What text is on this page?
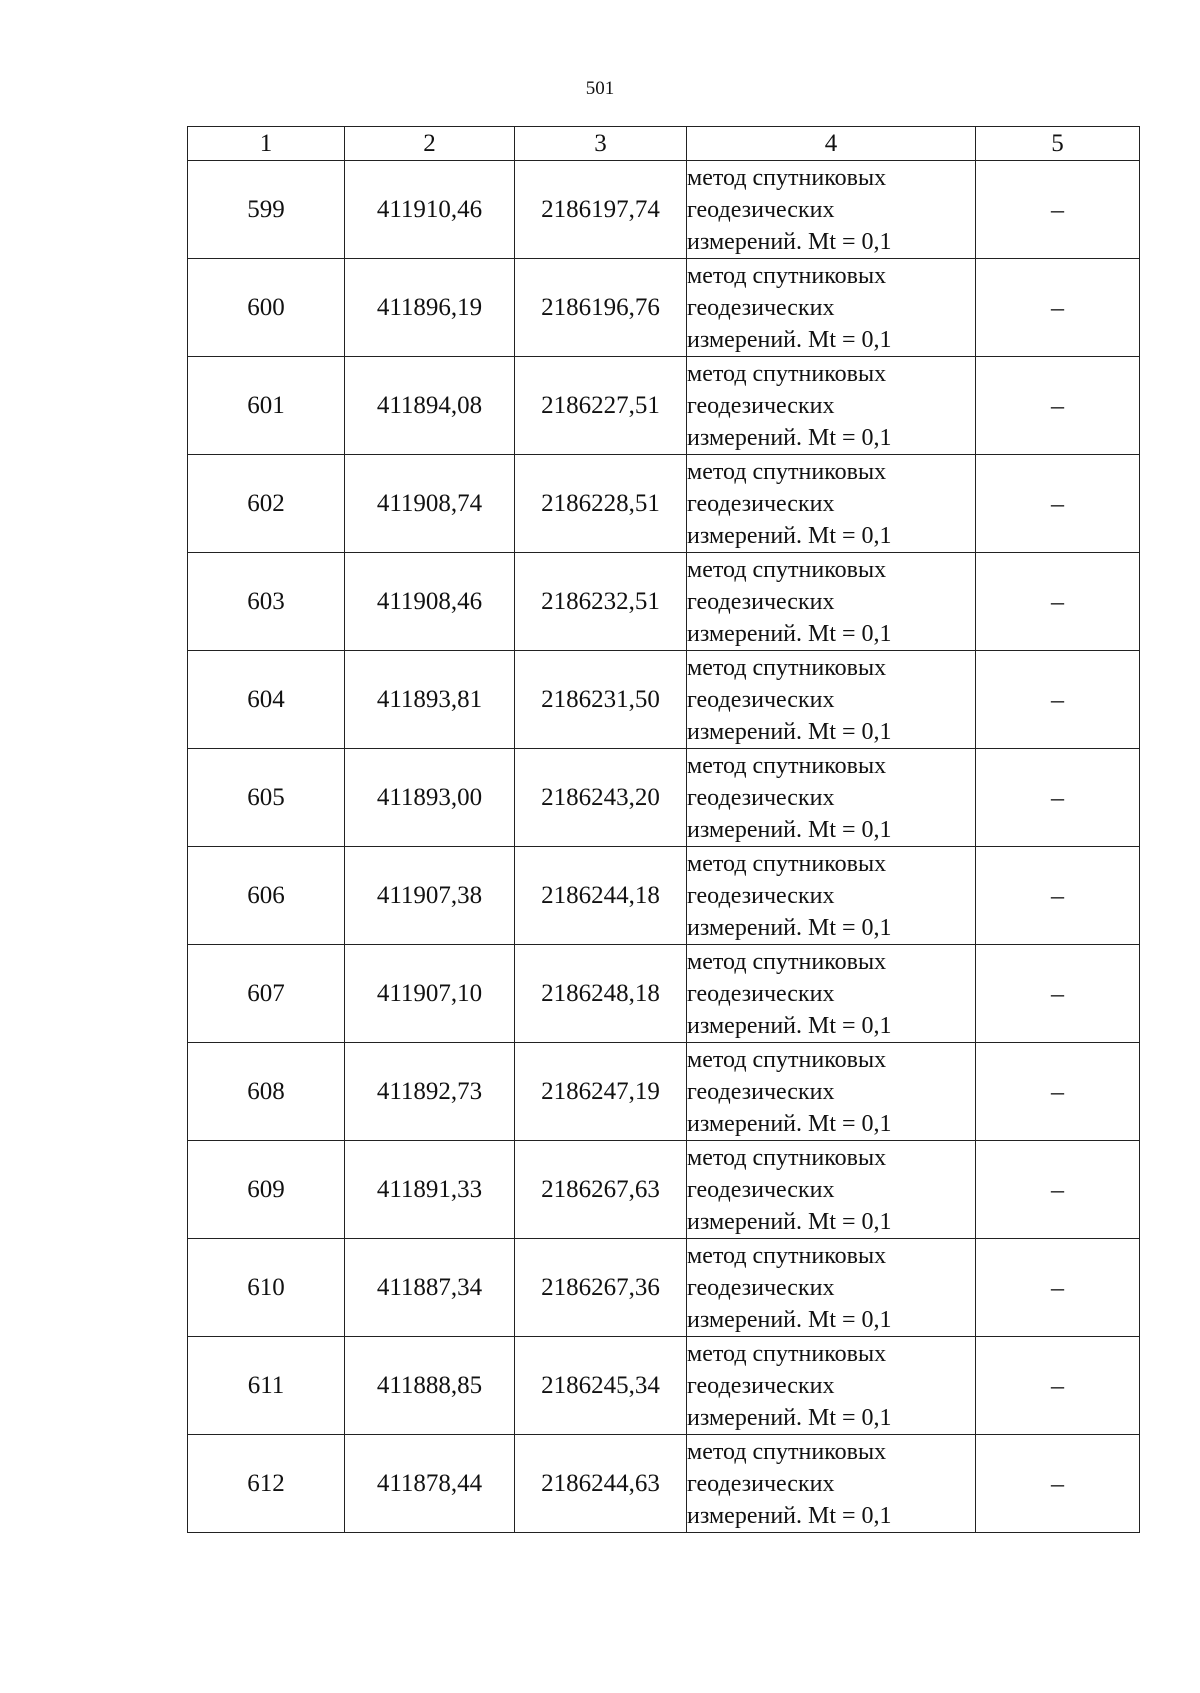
501
1	2	3	4	5
599	411910,46	2186197,74	метод спутниковых
геодезических
измерений. Mt = 0,1	–
600	411896,19	2186196,76	метод спутниковых
геодезических
измерений. Mt = 0,1	–
601	411894,08	2186227,51	метод спутниковых
геодезических
измерений. Mt = 0,1	–
602	411908,74	2186228,51	метод спутниковых
геодезических
измерений. Mt = 0,1	–
603	411908,46	2186232,51	метод спутниковых
геодезических
измерений. Mt = 0,1	–
604	411893,81	2186231,50	метод спутниковых
геодезических
измерений. Mt = 0,1	–
605	411893,00	2186243,20	метод спутниковых
геодезических
измерений. Mt = 0,1	–
606	411907,38	2186244,18	метод спутниковых
геодезических
измерений. Mt = 0,1	–
607	411907,10	2186248,18	метод спутниковых
геодезических
измерений. Mt = 0,1	–
608	411892,73	2186247,19	метод спутниковых
геодезических
измерений. Mt = 0,1	–
609	411891,33	2186267,63	метод спутниковых
геодезических
измерений. Mt = 0,1	–
610	411887,34	2186267,36	метод спутниковых
геодезических
измерений. Mt = 0,1	–
611	411888,85	2186245,34	метод спутниковых
геодезических
измерений. Mt = 0,1	–
612	411878,44	2186244,63	метод спутниковых
геодезических
измерений. Mt = 0,1	–
